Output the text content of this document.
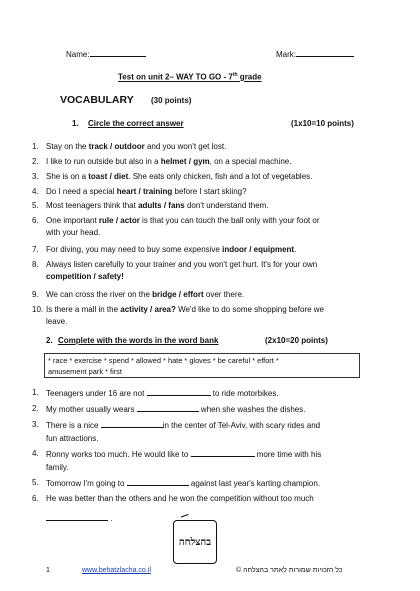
Name:	Mark:
Test on unit 2– WAY TO GO - 7th grade
VOCABULARY (30 points)
1. Circle the correct answer	(1x10=10 points)
1. Stay on the track / outdoor and you won't get lost.
2. I like to run outside but also in a helmet / gym, on a special machine.
3. She is on a toast / diet. She eats only chicken, fish and a lot of vegetables.
4. Do I need a special heart / training before I start skiing?
5. Most teenagers think that adults / fans don't understand them.
6. One important rule / actor is that you can touch the ball only with your foot or
with your head.
7. For diving, you may need to buy some expensive indoor / equipment.
8. Always listen carefully to your trainer and you won't get hurt. It's for your own
competition / safety!
9. We can cross the river on the bridge / effort over there.
10. Is there a mall in the activity / area? We'd like to do some shopping before we
leave.
2. Complete with the words in the word bank	(2x10=20 points)
* race * exercise * spend * allowed * hate * gloves * be careful * effort *
amusement park * first
1. Teenagers under 16 are not	to ride motorbikes.
2. My mother usually wears	when she washes the dishes.
3. There is a nice	in the center of Tel-Aviv, with scary rides and
fun attractions.
4. Ronny works too much. He would like to	more time with his
family.
5. Tomorrow I'm going to	against last year's karting champion.
6. He was better than the others and he won the competition without too much
.
בהצלחה
1	www.behatzlacha.co.il	כל הזכויות שמורות לאתר בהצלחה ©
